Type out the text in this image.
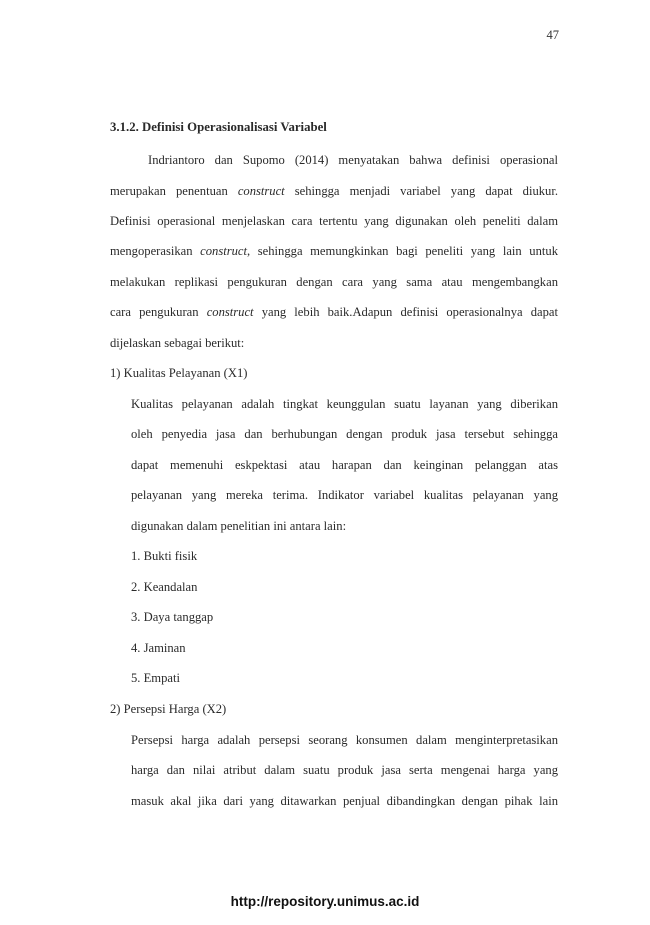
47
3.1.2. Definisi Operasionalisasi Variabel
Indriantoro dan Supomo (2014) menyatakan bahwa definisi operasional
merupakan penentuan construct sehingga menjadi variabel yang dapat diukur.
Definisi operasional menjelaskan cara tertentu yang digunakan oleh peneliti dalam
mengoperasikan construct, sehingga memungkinkan bagi peneliti yang lain untuk
melakukan replikasi pengukuran dengan cara yang sama atau mengembangkan
cara pengukuran construct yang lebih baik.Adapun definisi operasionalnya dapat
dijelaskan sebagai berikut:
1) Kualitas Pelayanan (X1)
Kualitas pelayanan adalah tingkat keunggulan suatu layanan yang diberikan
oleh penyedia jasa dan berhubungan dengan produk jasa tersebut sehingga
dapat memenuhi eskpektasi atau harapan dan keinginan pelanggan atas
pelayanan yang mereka terima. Indikator variabel kualitas pelayanan yang
digunakan dalam penelitian ini antara lain:
1. Bukti fisik
2. Keandalan
3. Daya tanggap
4. Jaminan
5. Empati
2) Persepsi Harga (X2)
Persepsi harga adalah persepsi seorang konsumen dalam menginterpretasikan
harga dan nilai atribut dalam suatu produk jasa serta mengenai harga yang
masuk akal jika dari yang ditawarkan penjual dibandingkan dengan pihak lain
http://repository.unimus.ac.id
